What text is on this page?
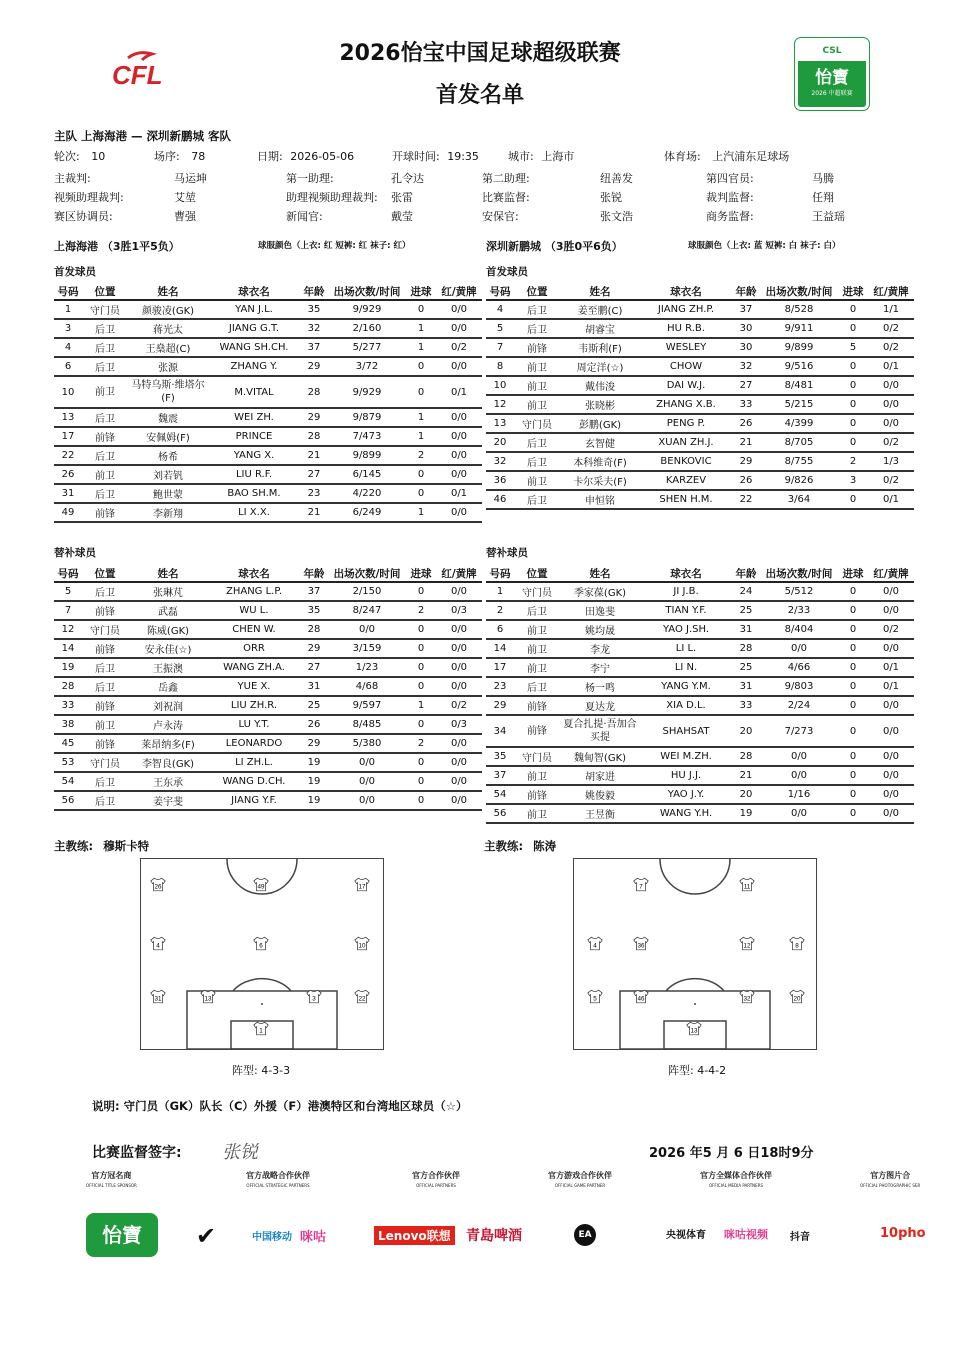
CFL
2026怡宝中国足球超级联赛
首发名单
CSL
怡寶
2026 中超联赛
主队 上海海港 — 深圳新鹏城 客队
轮次: 10	场序: 78	日期: 2026-05-06	开球时间: 19:35	城市: 上海市	体育场: 上汽浦东足球场
主裁判:	马运坤	第一助理:	孔令达	第二助理:	纽善发	第四官员:	马腾
视频助理裁判:	艾堃	助理视频助理裁判: 张雷	比赛监督:	张锐	裁判监督:	任翔
赛区协调员:	曹强	新闻官:	戴莹	安保官:	张文浩	商务监督:	王益瑶
上海海港 （3胜1平5负）	球服颜色（上衣: 红 短裤: 红 袜子: 红）	深圳新鹏城 （3胜0平6负）	球服颜色（上衣: 蓝 短裤: 白 袜子: 白）
首发球员	首发球员
号码	位置	姓名	球衣名	年龄	出场次数/时间	进球	红/黄牌
1	守门员	颜骏凌(GK)	YAN J.L.	35	9/929	0	0/0
3	后卫	蒋光太	JIANG G.T.	32	2/160	1	0/0
4	后卫	王燊超(C)	WANG SH.CH.	37	5/277	1	0/2
6	后卫	张源	ZHANG Y.	29	3/72	0	0/0
10	前卫	马特乌斯·维塔尔(F)	M.VITAL	28	9/929	0	0/1
13	后卫	魏震	WEI ZH.	29	9/879	1	0/0
17	前锋	安佩姆(F)	PRINCE	28	7/473	1	0/0
22	后卫	杨希	YANG X.	21	9/899	2	0/0
26	前卫	刘若钒	LIU R.F.	27	6/145	0	0/0
31	后卫	鲍世蒙	BAO SH.M.	23	4/220	0	0/1
49	前锋	李新翔	LI X.X.	21	6/249	1	0/0
号码	位置	姓名	球衣名	年龄	出场次数/时间	进球	红/黄牌
4	后卫	姜至鹏(C)	JIANG ZH.P.	37	8/528	0	1/1
5	后卫	胡睿宝	HU R.B.	30	9/911	0	0/2
7	前锋	韦斯利(F)	WESLEY	30	9/899	5	0/2
8	前卫	周定洋(☆)	CHOW	32	9/516	0	0/1
10	前卫	戴伟浚	DAI W.J.	27	8/481	0	0/0
12	前卫	张晓彬	ZHANG X.B.	33	5/215	0	0/0
13	守门员	彭鹏(GK)	PENG P.	26	4/399	0	0/0
20	后卫	玄智健	XUAN ZH.J.	21	8/705	0	0/2
32	后卫	本科维奇(F)	BENKOVIC	29	8/755	2	1/3
36	前卫	卡尔采夫(F)	KARZEV	26	9/826	3	0/2
46	后卫	申恒铭	SHEN H.M.	22	3/64	0	0/1
替补球员	替补球员
号码	位置	姓名	球衣名	年龄	出场次数/时间	进球	红/黄牌
5	后卫	张琳芃	ZHANG L.P.	37	2/150	0	0/0
7	前锋	武磊	WU L.	35	8/247	2	0/3
12	守门员	陈威(GK)	CHEN W.	28	0/0	0	0/0
14	前锋	安永佳(☆)	ORR	29	3/159	0	0/0
19	后卫	王振澳	WANG ZH.A.	27	1/23	0	0/0
28	后卫	岳鑫	YUE X.	31	4/68	0	0/0
33	前锋	刘祝润	LIU ZH.R.	25	9/597	1	0/2
38	前卫	卢永涛	LU Y.T.	26	8/485	0	0/3
45	前锋	莱昂纳多(F)	LEONARDO	29	5/380	2	0/0
53	守门员	李智良(GK)	LI ZH.L.	19	0/0	0	0/0
54	后卫	王东承	WANG D.CH.	19	0/0	0	0/0
56	后卫	姜宇斐	JIANG Y.F.	19	0/0	0	0/0
号码	位置	姓名	球衣名	年龄	出场次数/时间	进球	红/黄牌
1	守门员	季家葆(GK)	JI J.B.	24	5/512	0	0/0
2	后卫	田逸斐	TIAN Y.F.	25	2/33	0	0/0
6	前卫	姚均晟	YAO J.SH.	31	8/404	0	0/2
14	前卫	李龙	LI L.	28	0/0	0	0/0
17	前卫	李宁	LI N.	25	4/66	0	0/1
23	后卫	杨一鸣	YANG Y.M.	31	9/803	0	0/1
29	前锋	夏达龙	XIA D.L.	33	2/24	0	0/0
34	前锋	夏合扎提·吾加合买提	SHAHSAT	20	7/273	0	0/0
35	守门员	魏甸智(GK)	WEI M.ZH.	28	0/0	0	0/0
37	前卫	胡家进	HU J.J.	21	0/0	0	0/0
54	前锋	姚俊毅	YAO J.Y.	20	1/16	0	0/0
56	前卫	王昱衡	WANG Y.H.	19	0/0	0	0/0
主教练: 穆斯卡特	主教练: 陈涛
26	49	17
4	6	10
31	13	3	22
1
7	11
4	36	12	8
5	46	32	20
13
阵型: 4-3-3	阵型: 4-4-2
说明: 守门员（GK）队长（C）外援（F）港澳特区和台湾地区球员（☆）
比赛监督签字: 张锐	2026 年5 月 6 日18时9分
官方冠名商
OFFICIAL TITLE SPONSOR
官方战略合作伙伴
OFFICIAL STRATEGIC PARTNERS
官方合作伙伴
OFFICIAL PARTNERS
官方游戏合作伙伴
OFFICIAL GAME PARTNER
官方全媒体合作伙伴
OFFICIAL MEDIA PARTNERS
官方图片合
OFFICIAL PHOTOGRAPHIC SER
怡寶	✔	中国移动 咪咕	Lenovo联想 青島啤酒	EA	央视体育 咪咕视频 抖音	10pho
